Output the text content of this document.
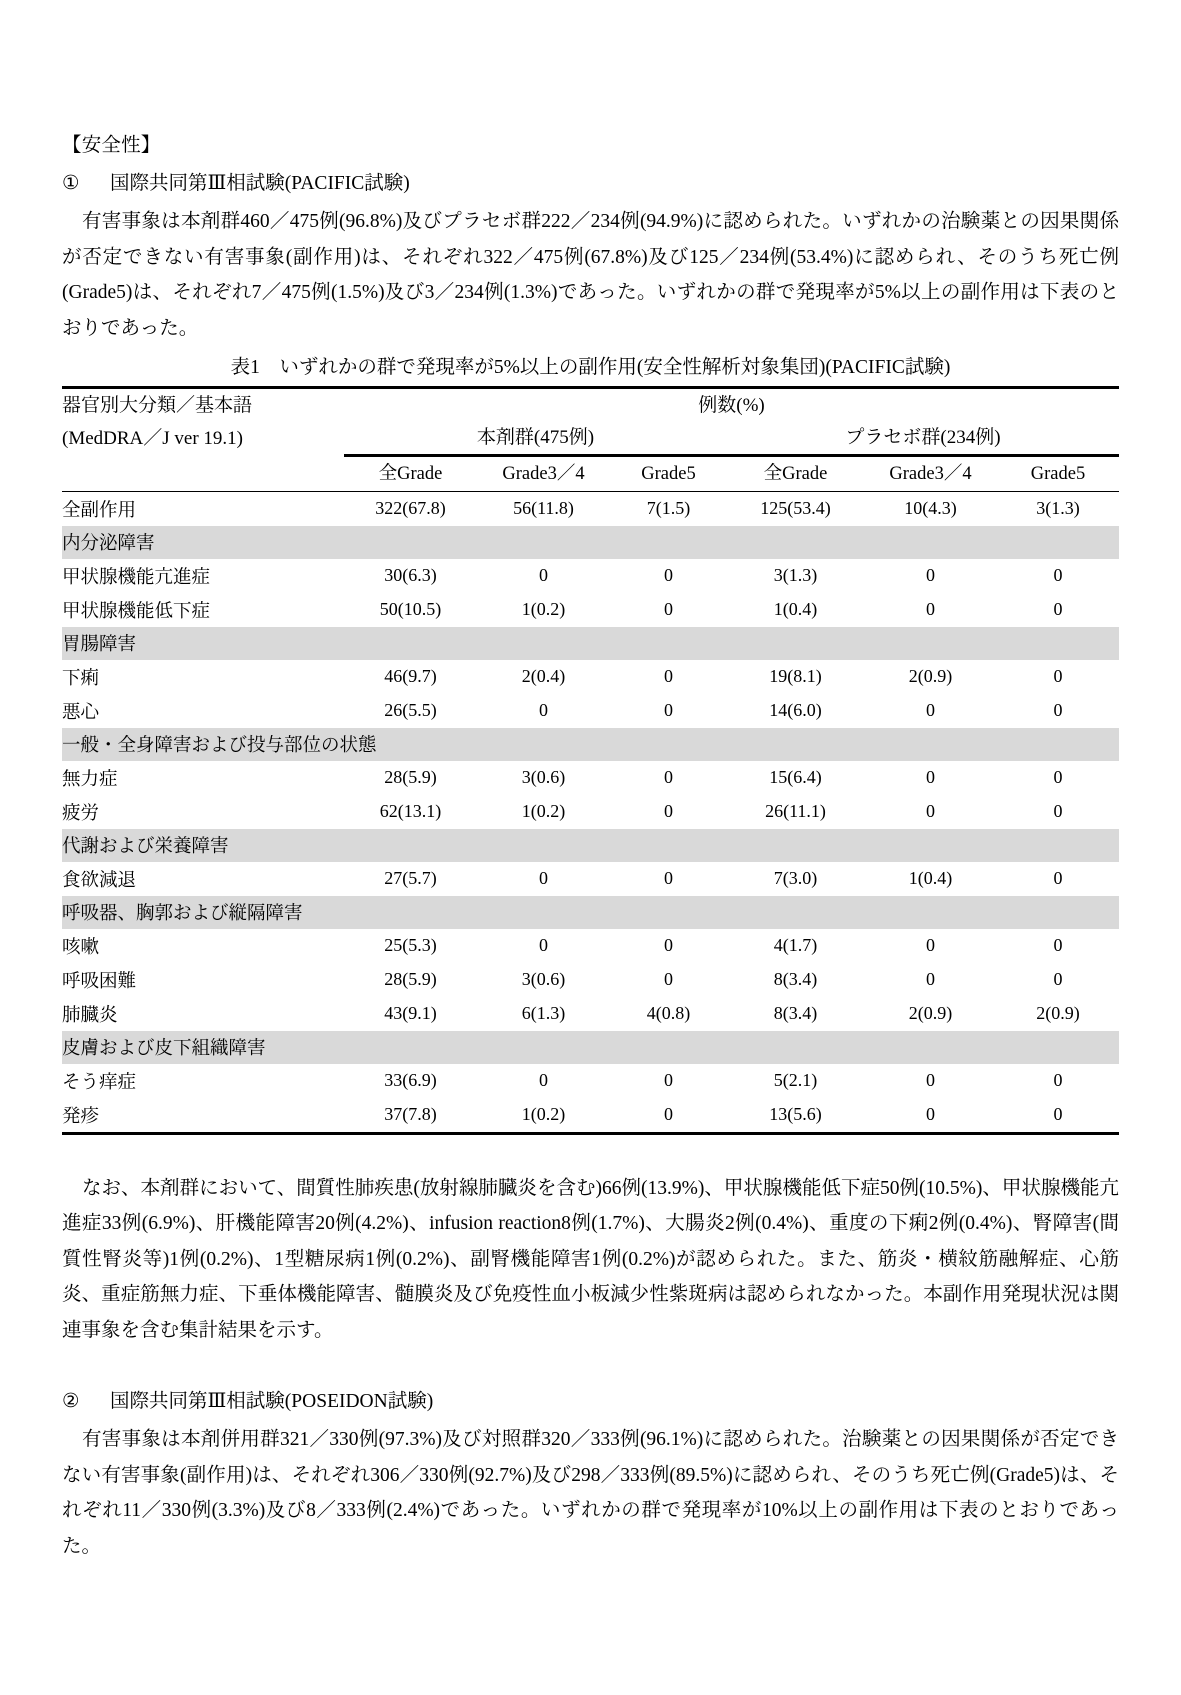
【安全性】
① 国際共同第Ⅲ相試験(PACIFIC試験)

有害事象は本剤群460／475例(96.8%)及びプラセボ群222／234例(94.9%)に認められた。いずれかの治験薬との因果関係が否定できない有害事象(副作用)は、それぞれ322／475例(67.8%)及び125／234例(53.4%)に認められ、そのうち死亡例(Grade5)は、それぞれ7／475例(1.5%)及び3／234例(1.3%)であった。いずれかの群で発現率が5%以上の副作用は下表のとおりであった。

表1　いずれかの群で発現率が5%以上の副作用(安全性解析対象集団)(PACIFIC試験)
器官別大分類／基本語
(MedDRA／J ver 19.1)	例数(%)					
	本剤群(475例)			プラセボ群(234例)		
	全Grade	Grade3／4	Grade5	全Grade	Grade3／4	Grade5
全副作用	322(67.8)	56(11.8)	7(1.5)	125(53.4)	10(4.3)	3(1.3)
内分泌障害						
甲状腺機能亢進症	30(6.3)	0	0	3(1.3)	0	0
甲状腺機能低下症	50(10.5)	1(0.2)	0	1(0.4)	0	0
胃腸障害						
下痢	46(9.7)	2(0.4)	0	19(8.1)	2(0.9)	0
悪心	26(5.5)	0	0	14(6.0)	0	0
一般・全身障害および投与部位の状態						
無力症	28(5.9)	3(0.6)	0	15(6.4)	0	0
疲労	62(13.1)	1(0.2)	0	26(11.1)	0	0
代謝および栄養障害						
食欲減退	27(5.7)	0	0	7(3.0)	1(0.4)	0
呼吸器、胸郭および縦隔障害						
咳嗽	25(5.3)	0	0	4(1.7)	0	0
呼吸困難	28(5.9)	3(0.6)	0	8(3.4)	0	0
肺臓炎	43(9.1)	6(1.3)	4(0.8)	8(3.4)	2(0.9)	2(0.9)
皮膚および皮下組織障害						
そう痒症	33(6.9)	0	0	5(2.1)	0	0
発疹	37(7.8)	1(0.2)	0	13(5.6)	0	0

なお、本剤群において、間質性肺疾患(放射線肺臓炎を含む)66例(13.9%)、甲状腺機能低下症50例(10.5%)、甲状腺機能亢進症33例(6.9%)、肝機能障害20例(4.2%)、infusion reaction8例(1.7%)、大腸炎2例(0.4%)、重度の下痢2例(0.4%)、腎障害(間質性腎炎等)1例(0.2%)、1型糖尿病1例(0.2%)、副腎機能障害1例(0.2%)が認められた。また、筋炎・横紋筋融解症、心筋炎、重症筋無力症、下垂体機能障害、髄膜炎及び免疫性血小板減少性紫斑病は認められなかった。本副作用発現状況は関連事象を含む集計結果を示す。

② 国際共同第Ⅲ相試験(POSEIDON試験)

有害事象は本剤併用群321／330例(97.3%)及び対照群320／333例(96.1%)に認められた。治験薬との因果関係が否定できない有害事象(副作用)は、それぞれ306／330例(92.7%)及び298／333例(89.5%)に認められ、そのうち死亡例(Grade5)は、それぞれ11／330例(3.3%)及び8／333例(2.4%)であった。いずれかの群で発現率が10%以上の副作用は下表のとおりであった。
